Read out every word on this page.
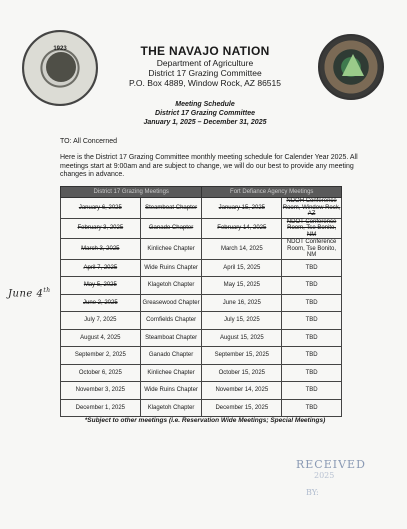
1923	THE NAVAJO NATION
Department of Agriculture
District 17 Grazing Committee
P.O. Box 4889, Window Rock, AZ 86515
Meeting Schedule
District 17 Grazing Committee
January 1, 2025 – December 31, 2025
TO: All Concerned
Here is the District 17 Grazing Committee monthly meeting schedule for Calender Year 2025. All meetings start at 9:00am and are subject to change, we will do our best to provide any meeting changes in advance.
District 17 Grazing Meetings		Fort Defiance Agency Meetings	
January 6, 2025	Steamboat Chapter	January 15, 2025	NDOH Conference Room, Window Rock, AZ
February 3, 2025	Ganado Chapter	February 14, 2025	NDOT Conference Room, Tse Bonito, NM
March 3, 2025	Kinlichee Chapter	March 14, 2025	NDOT Conference Room, Tse Bonito, NM
April 7, 2025	Wide Ruins Chapter	April 15, 2025	TBD
May 5, 2025	Klagetoh Chapter	May 15, 2025	TBD
June 2, 2025	Greasewood Chapter	June 16, 2025	TBD
July 7, 2025	Cornfields Chapter	July 15, 2025	TBD
August 4, 2025	Steamboat Chapter	August 15, 2025	TBD
September 2, 2025	Ganado Chapter	September 15, 2025	TBD
October 6, 2025	Kinlichee Chapter	October 15, 2025	TBD
November 3, 2025	Wide Ruins Chapter	November 14, 2025	TBD
December 1, 2025	Klagetoh Chapter	December 15, 2025	TBD
June 4th
*Subject to other meetings (i.e. Reservation Wide Meetings; Special Meetings)
RECEIVED
2025
BY:
